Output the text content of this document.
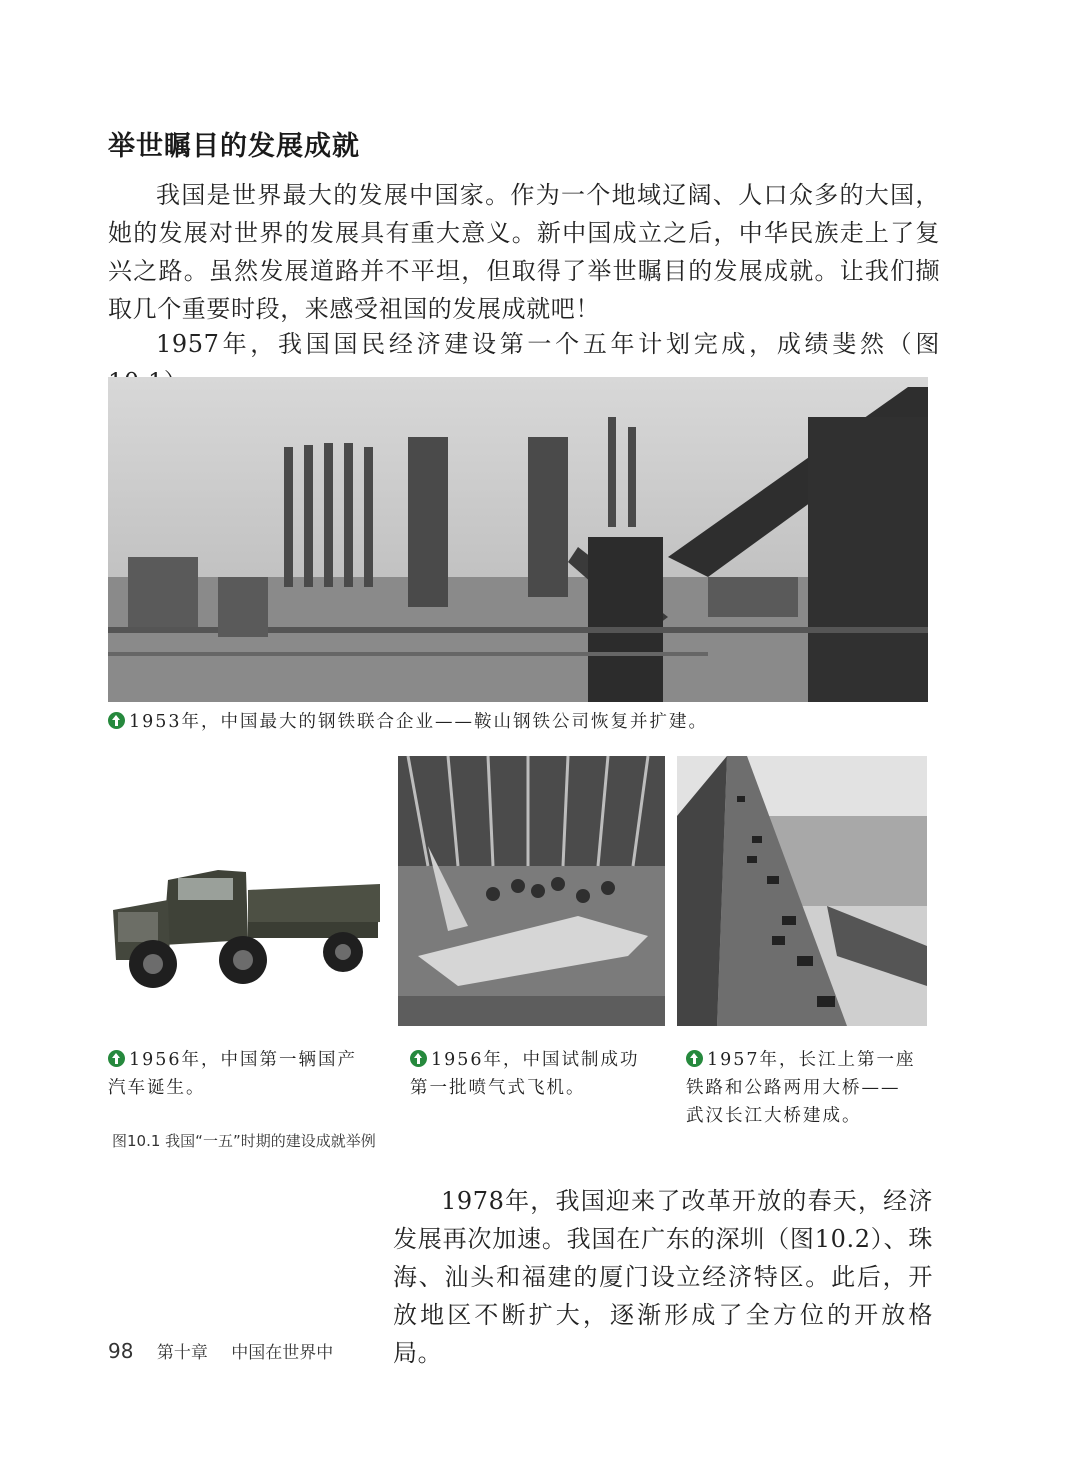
举世瞩目的发展成就

我国是世界最大的发展中国家。作为一个地域辽阔、人口众多的大国，她的发展对世界的发展具有重大意义。新中国成立之后，中华民族走上了复兴之路。虽然发展道路并不平坦，但取得了举世瞩目的发展成就。让我们撷取几个重要时段，来感受祖国的发展成就吧！

1957年，我国国民经济建设第一个五年计划完成，成绩斐然（图

1953年，中国最大的钢铁联合企业——鞍山钢铁公司恢复并扩建。
1956年，中国第一辆国产
汽车诞生。
1956年，中国试制成功
第一批喷气式飞机。
1957年，长江上第一座
铁路和公路两用大桥——
武汉长江大桥建成。
图10.1 我国“一五”时期的建设成就举例

1978年，我国迎来了改革开放的春天，经济发展再次加速。我国在广东的深圳（图10.2）、珠海、汕头和福建的厦门设立经济特区。此后，开放地区不断扩大，逐渐形成了全方位的开放格局。

98 第十章 中国在世界中
